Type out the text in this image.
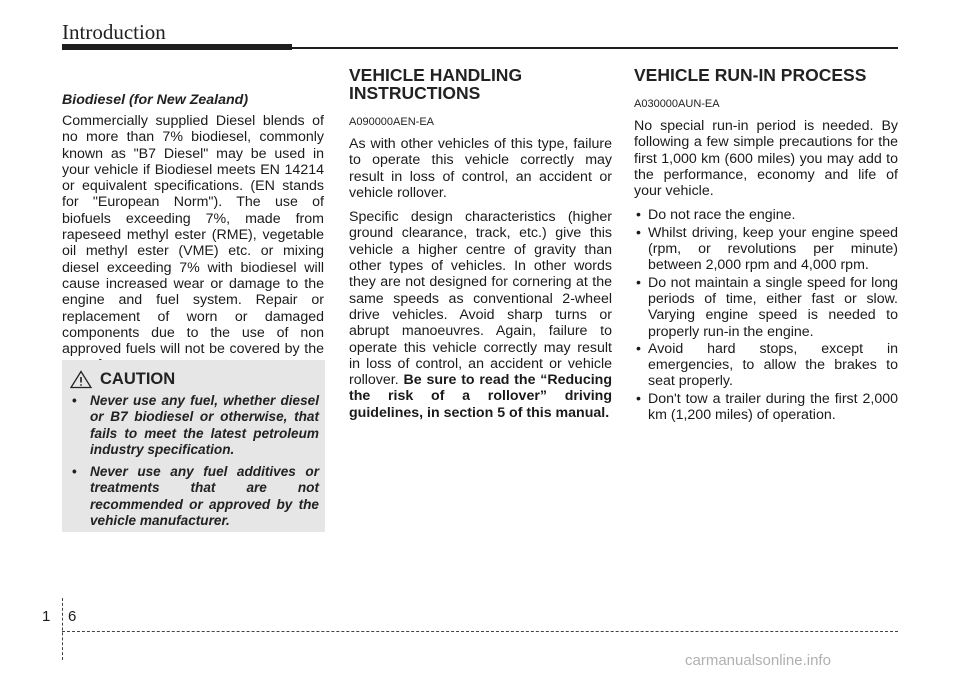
Introduction
Biodiesel (for New Zealand)

Commercially supplied Diesel blends of no more than 7% biodiesel, commonly known as "B7 Diesel" may be used in your vehicle if Biodiesel meets EN 14214 or equivalent specifications. (EN stands for "European Norm"). The use of biofuels exceeding 7%, made from rapeseed methyl ester (RME), vegetable oil methyl ester (VME) etc. or mixing diesel exceeding 7% with biodiesel will cause increased wear or damage to the engine and fuel system. Repair or replacement of worn or damaged components due to the use of non approved fuels will not be covered by the

CAUTION
• Never use any fuel, whether diesel or B7 biodiesel or otherwise, that fails to meet the latest petroleum industry specification.
• Never use any fuel additives or treatments that are not recommended or approved by the vehicle manufacturer.
VEHICLE HANDLING INSTRUCTIONS
A090000AEN-EA

As with other vehicles of this type, failure to operate this vehicle correctly may result in loss of control, an accident or vehicle rollover.

Specific design characteristics (higher ground clearance, track, etc.) give this vehicle a higher centre of gravity than other types of vehicles. In other words they are not designed for cornering at the same speeds as conventional 2-wheel drive vehicles. Avoid sharp turns or abrupt manoeuvres. Again, failure to operate this vehicle correctly may result in loss of control, an accident or vehicle rollover. Be sure to read the “Reducing the risk of a rollover” driving guidelines, in section 5 of this manual.

VEHICLE RUN-IN PROCESS
A030000AUN-EA

No special run-in period is needed. By following a few simple precautions for the first 1,000 km (600 miles) you may add to the performance, economy and life of your vehicle.

• Do not race the engine.
• Whilst driving, keep your engine speed (rpm, or revolutions per minute) between 2,000 rpm and 4,000 rpm.
• Do not maintain a single speed for long periods of time, either fast or slow. Varying engine speed is needed to properly run-in the engine.
• Avoid hard stops, except in emergencies, to allow the brakes to seat properly.
• Don't tow a trailer during the first 2,000 km (1,200 miles) of operation.
1 6
carmanualsonline.info
